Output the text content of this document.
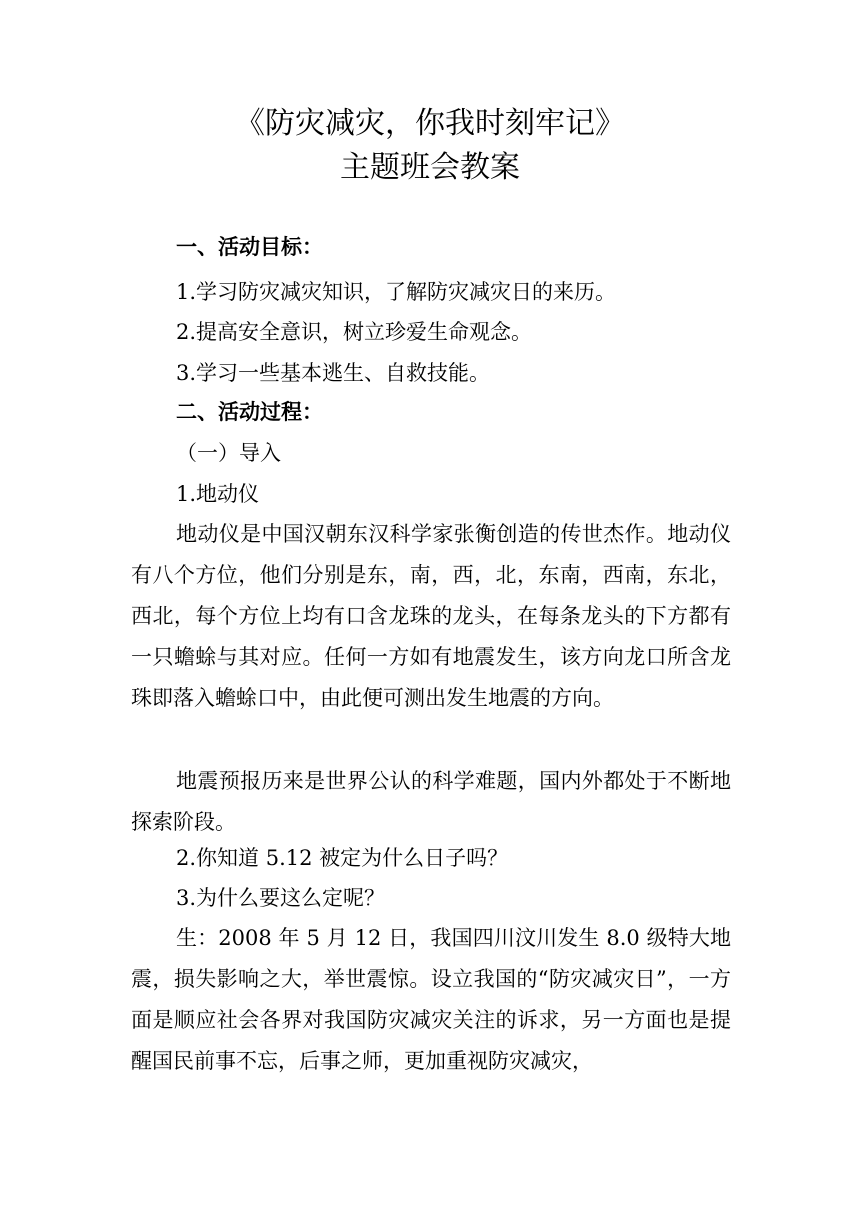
《防灾减灾，你我时刻牢记》
主题班会教案
一、活动目标：
1.学习防灾减灾知识，了解防灾减灾日的来历。
2.提高安全意识，树立珍爱生命观念。
3.学习一些基本逃生、自救技能。
二、活动过程：
（一）导入
1.地动仪

地动仪是中国汉朝东汉科学家张衡创造的传世杰作。地动仪有八个方位，他们分别是东，南，西，北，东南，西南，东北，西北，每个方位上均有口含龙珠的龙头，在每条龙头的下方都有一只蟾蜍与其对应。任何一方如有地震发生，该方向龙口所含龙珠即落入蟾蜍口中，由此便可测出发生地震的方向。

地震预报历来是世界公认的科学难题，国内外都处于不断地探索阶段。

2.你知道 5.12 被定为什么日子吗？
3.为什么要这么定呢？

生：2008 年 5 月 12 日，我国四川汶川发生 8.0 级特大地震，损失影响之大，举世震惊。设立我国的“防灾减灾日”，一方面是顺应社会各界对我国防灾减灾关注的诉求，另一方面也是提醒国民前事不忘，后事之师，更加重视防灾减灾，
